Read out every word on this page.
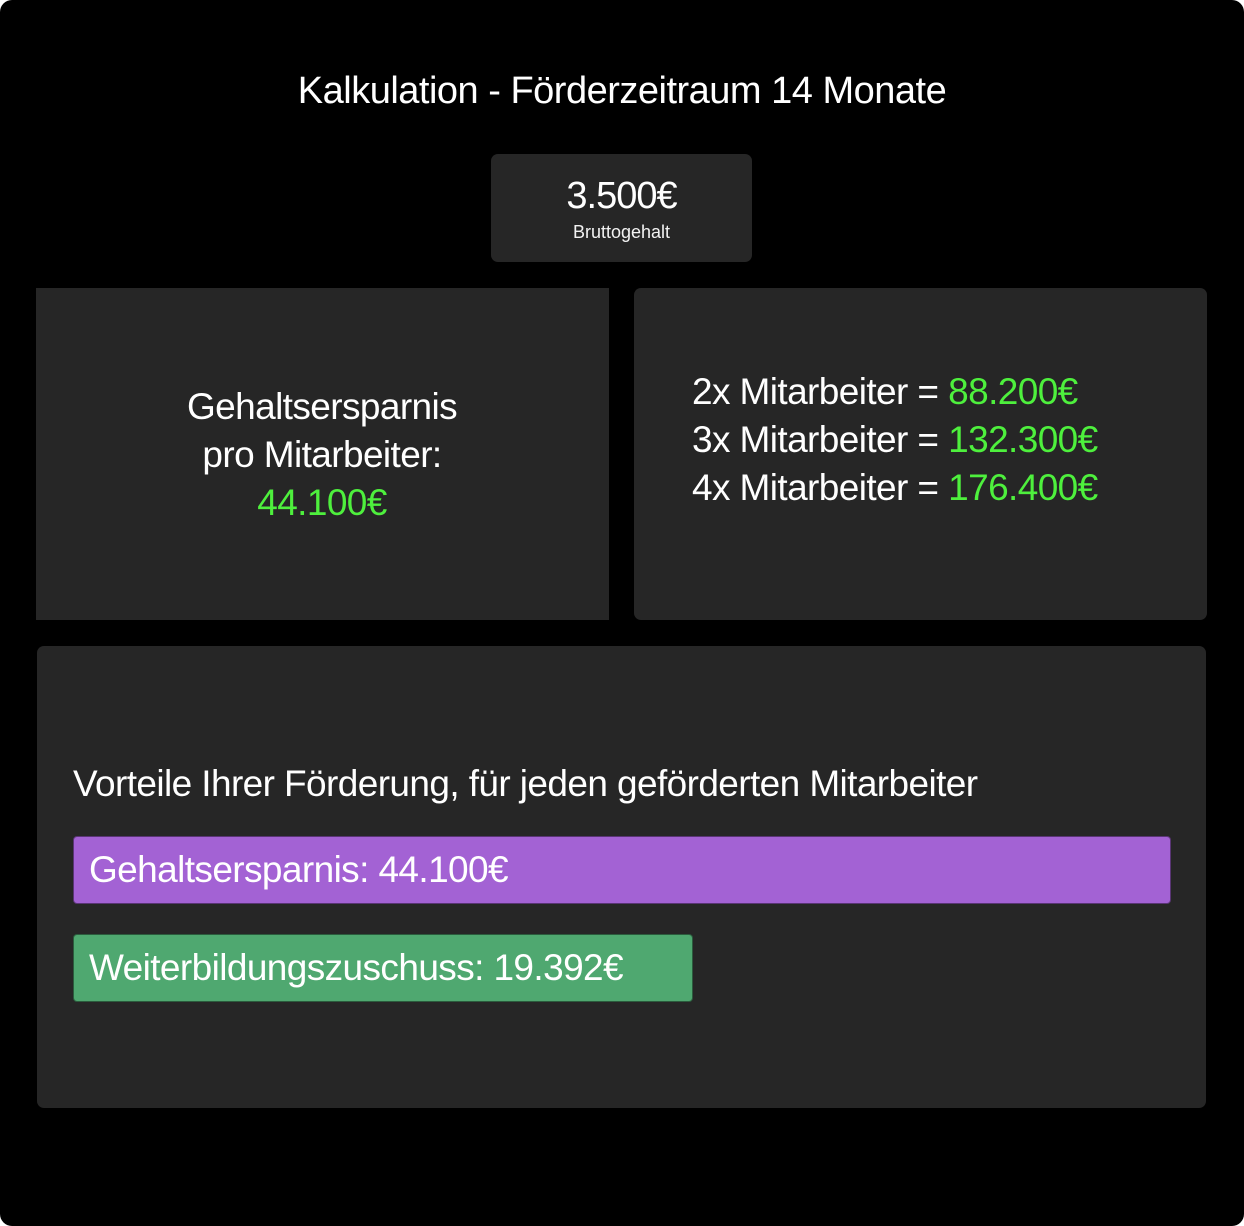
Kalkulation - Förderzeitraum 14 Monate
3.500€
Bruttogehalt
Gehaltsersparnis
pro Mitarbeiter:
44.100€
2x Mitarbeiter = 88.200€
3x Mitarbeiter = 132.300€
4x Mitarbeiter = 176.400€
Vorteile Ihrer Förderung, für jeden geförderten Mitarbeiter
Gehaltsersparnis: 44.100€
Weiterbildungszuschuss: 19.392€
